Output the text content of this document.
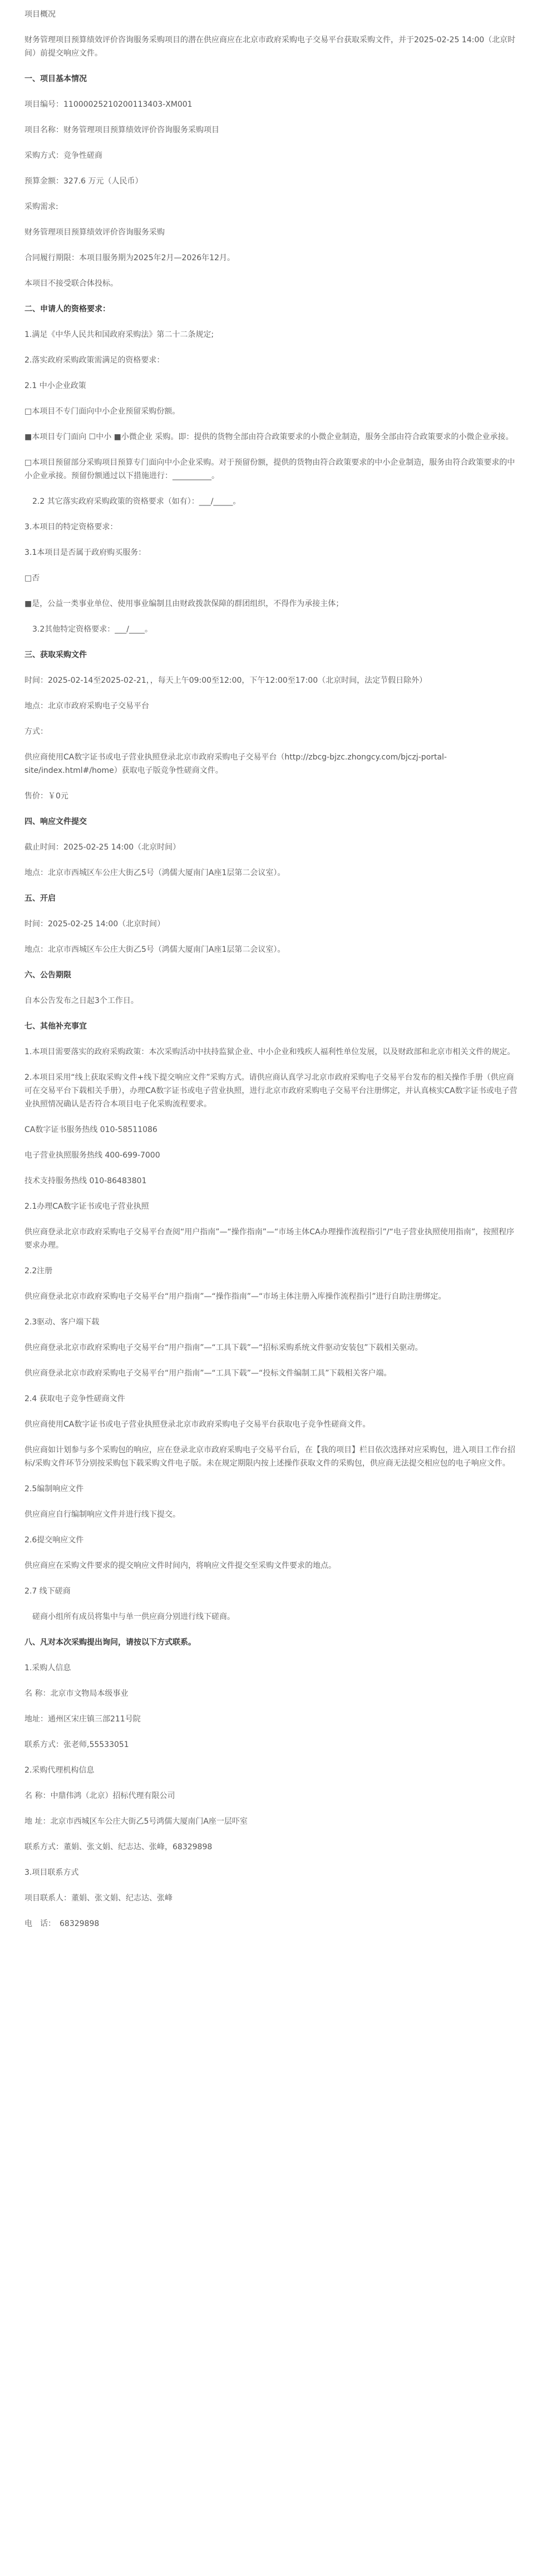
项目概况

财务管理项目预算绩效评价咨询服务采购项目的潜在供应商应在北京市政府采购电子交易平台获取采购文件，并于2025-02-25 14:00（北京时间）前提交响应文件。

一、项目基本情况

项目编号：11000025210200113403-XM001

项目名称：财务管理项目预算绩效评价咨询服务采购项目

采购方式：竞争性磋商

预算金额：327.6 万元（人民币）

采购需求:

财务管理项目预算绩效评价咨询服务采购

合同履行期限：本项目服务期为2025年2月—2026年12月。

本项目不接受联合体投标。

二、申请人的资格要求：

1.满足《中华人民共和国政府采购法》第二十二条规定;

2.落实政府采购政策需满足的资格要求：

2.1 中小企业政策

□本项目不专门面向中小企业预留采购份额。

■本项目专门面向 ☐中小 ■小微企业 采购。即：提供的货物全部由符合政策要求的小微企业制造，服务全部由符合政策要求的小微企业承接。

□本项目预留部分采购项目预算专门面向中小企业采购。对于预留份额，提供的货物由符合政策要求的中小企业制造，服务由符合政策要求的中小企业承接。预留份额通过以下措施进行：__________。

2.2 其它落实政府采购政策的资格要求（如有）：___/_____。

3.本项目的特定资格要求：

3.1本项目是否属于政府购买服务：

□否

■是，公益一类事业单位、使用事业编制且由财政拨款保障的群团组织，不得作为承接主体；

3.2其他特定资格要求：___/____。

三、获取采购文件

时间：2025-02-14至2025-02-21，，每天上午09:00至12:00，下午12:00至17:00（北京时间，法定节假日除外）

地点：北京市政府采购电子交易平台

方式：

供应商使用CA数字证书或电子营业执照登录北京市政府采购电子交易平台（http://zbcg-bjzc.zhongcy.com/bjczj-portal-site/index.html#/home）获取电子版竞争性磋商文件。

售价：￥0元

四、响应文件提交

截止时间：2025-02-25 14:00（北京时间）

地点：北京市西城区车公庄大街乙5号（鸿儒大厦南门A座1层第二会议室）。

五、开启

时间：2025-02-25 14:00（北京时间）

地点：北京市西城区车公庄大街乙5号（鸿儒大厦南门A座1层第二会议室）。

六、公告期限

自本公告发布之日起3个工作日。

七、其他补充事宜

1.本项目需要落实的政府采购政策：本次采购活动中扶持监狱企业、中小企业和残疾人福利性单位发展，以及财政部和北京市相关文件的规定。

2.本项目采用“线上获取采购文件+线下提交响应文件”采购方式。请供应商认真学习北京市政府采购电子交易平台发布的相关操作手册（供应商可在交易平台下载相关手册），办理CA数字证书或电子营业执照，进行北京市政府采购电子交易平台注册绑定，并认真核实CA数字证书或电子营业执照情况确认是否符合本项目电子化采购流程要求。

CA数字证书服务热线 010-58511086

电子营业执照服务热线 400-699-7000

技术支持服务热线 010-86483801

2.1办理CA数字证书或电子营业执照

供应商登录北京市政府采购电子交易平台查阅“用户指南”—“操作指南”—“市场主体CA办理操作流程指引”/“电子营业执照使用指南”，按照程序要求办理。

2.2注册

供应商登录北京市政府采购电子交易平台“用户指南”—“操作指南”—“市场主体注册入库操作流程指引”进行自助注册绑定。

2.3驱动、客户端下载

供应商登录北京市政府采购电子交易平台“用户指南”—“工具下载”—“招标采购系统文件驱动安装包”下载相关驱动。

供应商登录北京市政府采购电子交易平台“用户指南”—“工具下载”—“投标文件编制工具”下载相关客户端。

2.4 获取电子竞争性磋商文件

供应商使用CA数字证书或电子营业执照登录北京市政府采购电子交易平台获取电子竞争性磋商文件。

供应商如计划参与多个采购包的响应，应在登录北京市政府采购电子交易平台后，在【我的项目】栏目依次选择对应采购包，进入项目工作台招标/采购文件环节分别按采购包下载采购文件电子版。未在规定期限内按上述操作获取文件的采购包，供应商无法提交相应包的电子响应文件。

2.5编制响应文件

供应商应自行编制响应文件并进行线下提交。

2.6提交响应文件

供应商应在采购文件要求的提交响应文件时间内，将响应文件提交至采购文件要求的地点。

2.7 线下磋商

磋商小组所有成员将集中与单一供应商分别进行线下磋商。

八、凡对本次采购提出询问，请按以下方式联系。

1.采购人信息

名 称：北京市文物局本级事业

地址：通州区宋庄镇三部211号院

联系方式：张老师,55533051

2.采购代理机构信息

名 称：中鼎伟鸿（北京）招标代理有限公司

地 址：北京市西城区车公庄大街乙5号鸿儒大厦南门A座一层吓室

联系方式：董娟、张文娟、纪志达、张峰，68329898

3.项目联系方式

项目联系人：董娟、张文娟、纪志达、张峰

电　话：　68329898
